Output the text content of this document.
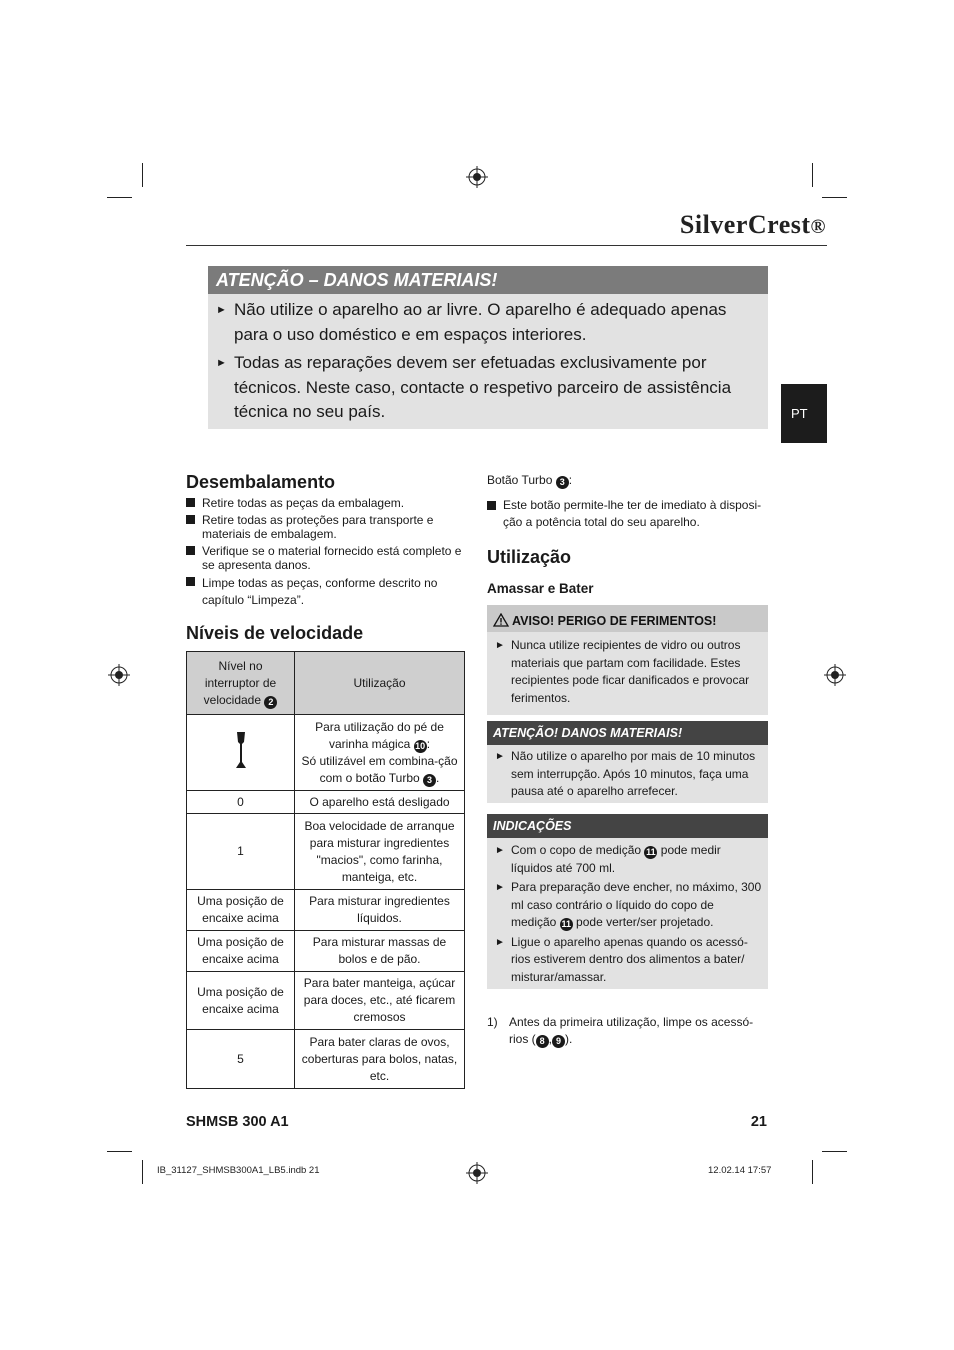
SilverCrest®
PT
ATENÇÃO – DANOS MATERIAIS!
► Não utilize o aparelho ao ar livre. O aparelho é adequado apenas para o uso doméstico e em espaços interiores.
► Todas as reparações devem ser efetuadas exclusivamente por técnicos. Neste caso, contacte o respetivo parceiro de assistência técnica no seu país.
Desembalamento
Retire todas as peças da embalagem.
Retire todas as proteções para transporte e materiais de embalagem.
Verifique se o material fornecido está completo e se apresenta danos.
Limpe todas as peças, conforme descrito no capítulo “Limpeza”.
Níveis de velocidade
Nível no interruptor de velocidade 2	Utilização
	Para utilização do pé de varinha mágica 10 :
Só utilizável em combina-ção com o botão Turbo 3 .
0	O aparelho está desligado
1	Boa velocidade de arranque para misturar ingredientes "macios", como farinha, manteiga, etc.
Uma posição de encaixe acima	Para misturar ingredientes líquidos.
Uma posição de encaixe acima	Para misturar massas de bolos e de pão.
Uma posição de encaixe acima	Para bater manteiga, açúcar para doces, etc., até ficarem cremosos
5	Para bater claras de ovos, coberturas para bolos, natas, etc.
Botão Turbo 3 :
Este botão permite-lhe ter de imediato à disposi-ção a potência total do seu aparelho.
Utilização
Amassar e Bater
AVISO! PERIGO DE FERIMENTOS!
► Nunca utilize recipientes de vidro ou outros materiais que partam com facilidade. Estes recipientes pode ficar danificados e provocar ferimentos.
ATENÇÃO! DANOS MATERIAIS!
► Não utilize o aparelho por mais de 10 minutos sem interrupção. Após 10 minutos, faça uma pausa até o aparelho arrefecer.
INDICAÇÕES
► Com o copo de medição 11 pode medir líquidos até 700 ml.
► Para preparação deve encher, no máximo, 300 ml caso contrário o líquido do copo de medição 11 pode verter/ser projetado.
► Ligue o aparelho apenas quando os acessó-rios estiverem dentro dos alimentos a bater/ misturar/amassar.
1) Antes da primeira utilização, limpe os acessó-rios ( 8 , 9 ).
SHMSB 300 A1	21
IB_31127_SHMSB300A1_LB5.indb 21	12.02.14 17:57
